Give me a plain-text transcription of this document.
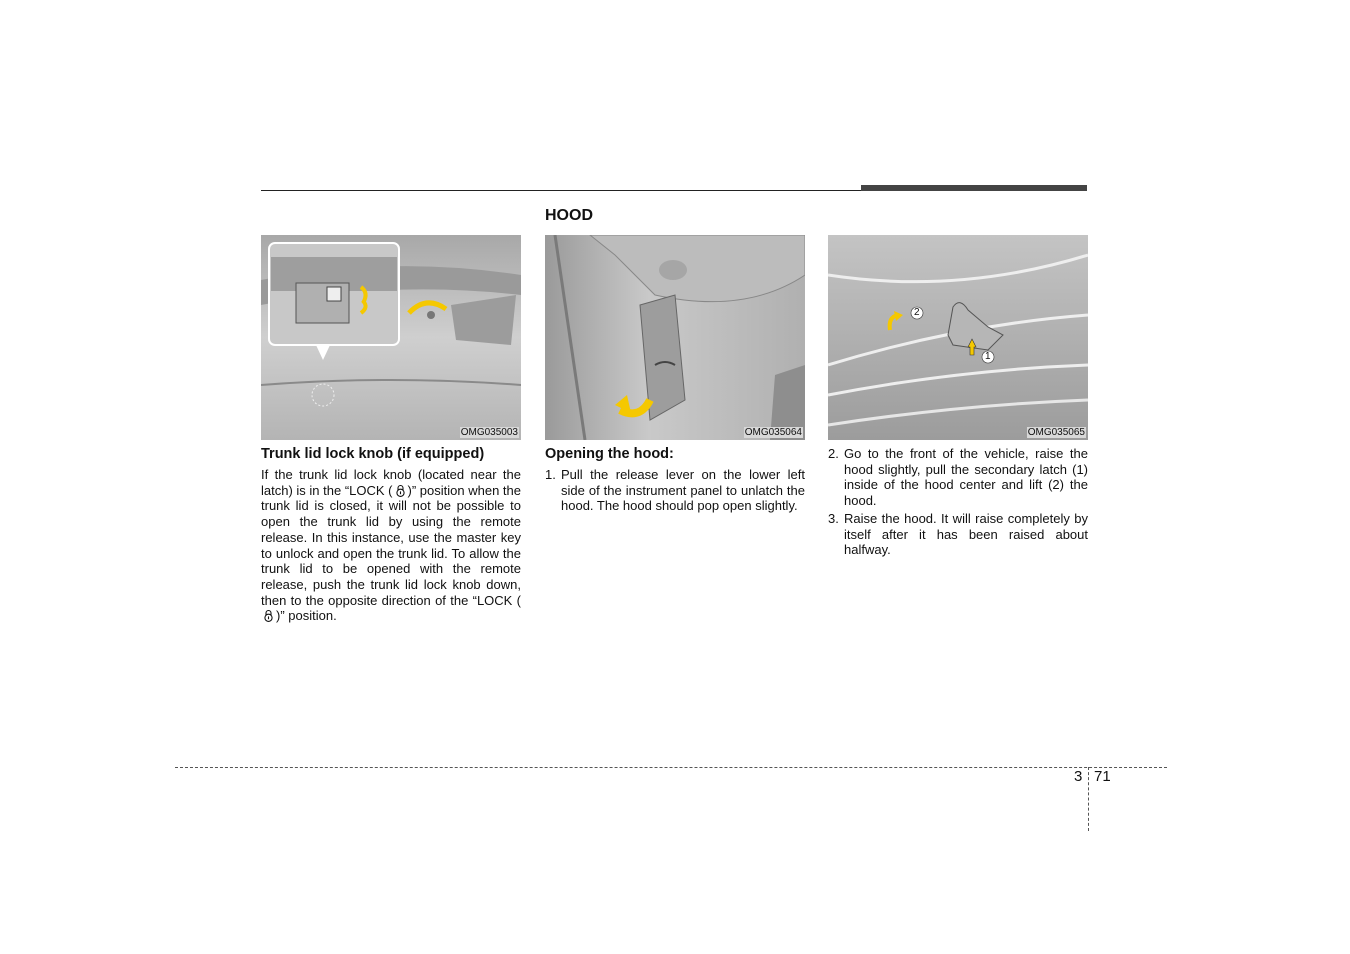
HOOD
OMG035003	OMG035064	OMG035065
1
2
Trunk lid lock knob (if equipped)
If the trunk lid lock knob (located near the latch) is in the “LOCK ( )” position when the trunk lid is closed, it will not be possible to open the trunk lid by using the remote release. In this instance, use the master key to unlock and open the trunk lid. To allow the trunk lid to be opened with the remote release, push the trunk lid lock knob down, then to the opposite direction of the “LOCK ()” position.
Opening the hood:
1. Pull the release lever on the lower left side of the instrument panel to unlatch the hood. The hood should pop open slightly.
2. Go to the front of the vehicle, raise the hood slightly, pull the secondary latch (1) inside of the hood center and lift (2) the hood.
3. Raise the hood. It will raise completely by itself after it has been raised about halfway.
3 71
